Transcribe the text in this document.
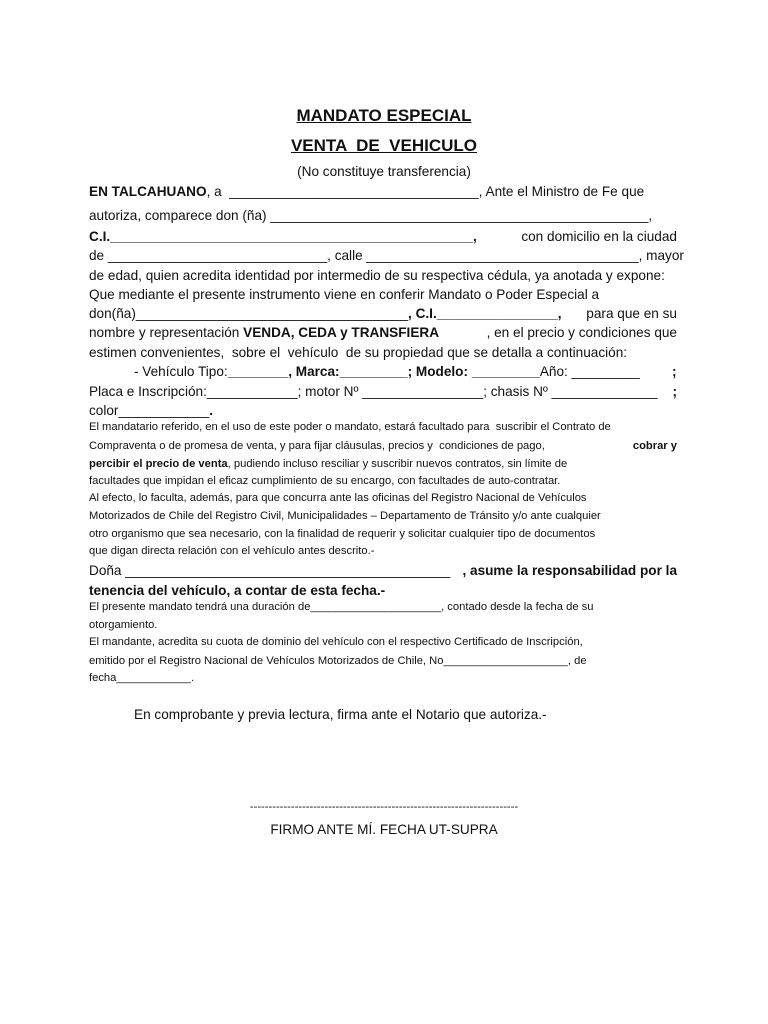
MANDATO ESPECIAL
VENTA  DE  VEHICULO
(No constituye transferencia)
EN TALCAHUANO, a  _________________________________, Ante el Ministro de Fe que
autoriza, comparece don (ña) __________________________________________________,
C.I.________________________________________________,	con domicilio en la ciudad
de _____________________________, calle ____________________________________, mayor
de edad, quien acredita identidad por intermedio de su respectiva cédula, ya anotada y expone:
Que mediante el presente instrumento viene en conferir Mandato o Poder Especial a
don(ña)____________________________________, C.I.________________, para que en su
nombre y representación VENDA, CEDA y TRANSFIERA	, en el precio y condiciones que
estimen convenientes,  sobre el  vehículo  de su propiedad que se detalla a continuación:
- Vehículo Tipo:________, Marca:_________; Modelo: _________Año: _________ ;
Placa e Inscripción:____________; motor Nº ________________; chasis Nº ______________ ;
color____________.
El mandatario referido, en el uso de este poder o mandato, estará facultado para  suscribir el Contrato de
Compraventa o de promesa de venta, y para fijar cláusulas, precios y  condiciones de pago,	cobrar y
percibir el precio de venta, pudiendo incluso resciliar y suscribir nuevos contratos, sin límite de
facultades que impidan el eficaz cumplimiento de su encargo, con facultades de auto-contratar.
Al efecto, lo faculta, además, para que concurra ante las oficinas del Registro Nacional de Vehículos
Motorizados de Chile del Registro Civil, Municipalidades – Departamento de Tránsito y/o ante cualquier
otro organismo que sea necesario, con la finalidad de requerir y solicitar cualquier tipo de documentos
que digan directa relación con el vehículo antes descrito.-
Doña ___________________________________________ , asume la responsabilidad por la
tenencia del vehículo, a contar de esta fecha.-
El presente mandato tendrá una duración de_____________________, contado desde la fecha de su
otorgamiento.
El mandante, acredita su cuota de dominio del vehículo con el respectivo Certificado de Inscripción,
emitido por el Registro Nacional de Vehículos Motorizados de Chile, No____________________, de
fecha____________.
En comprobante y previa lectura, firma ante el Notario que autoriza.-
------------------------------------------------------------------------
FIRMO ANTE MÍ. FECHA UT-SUPRA
